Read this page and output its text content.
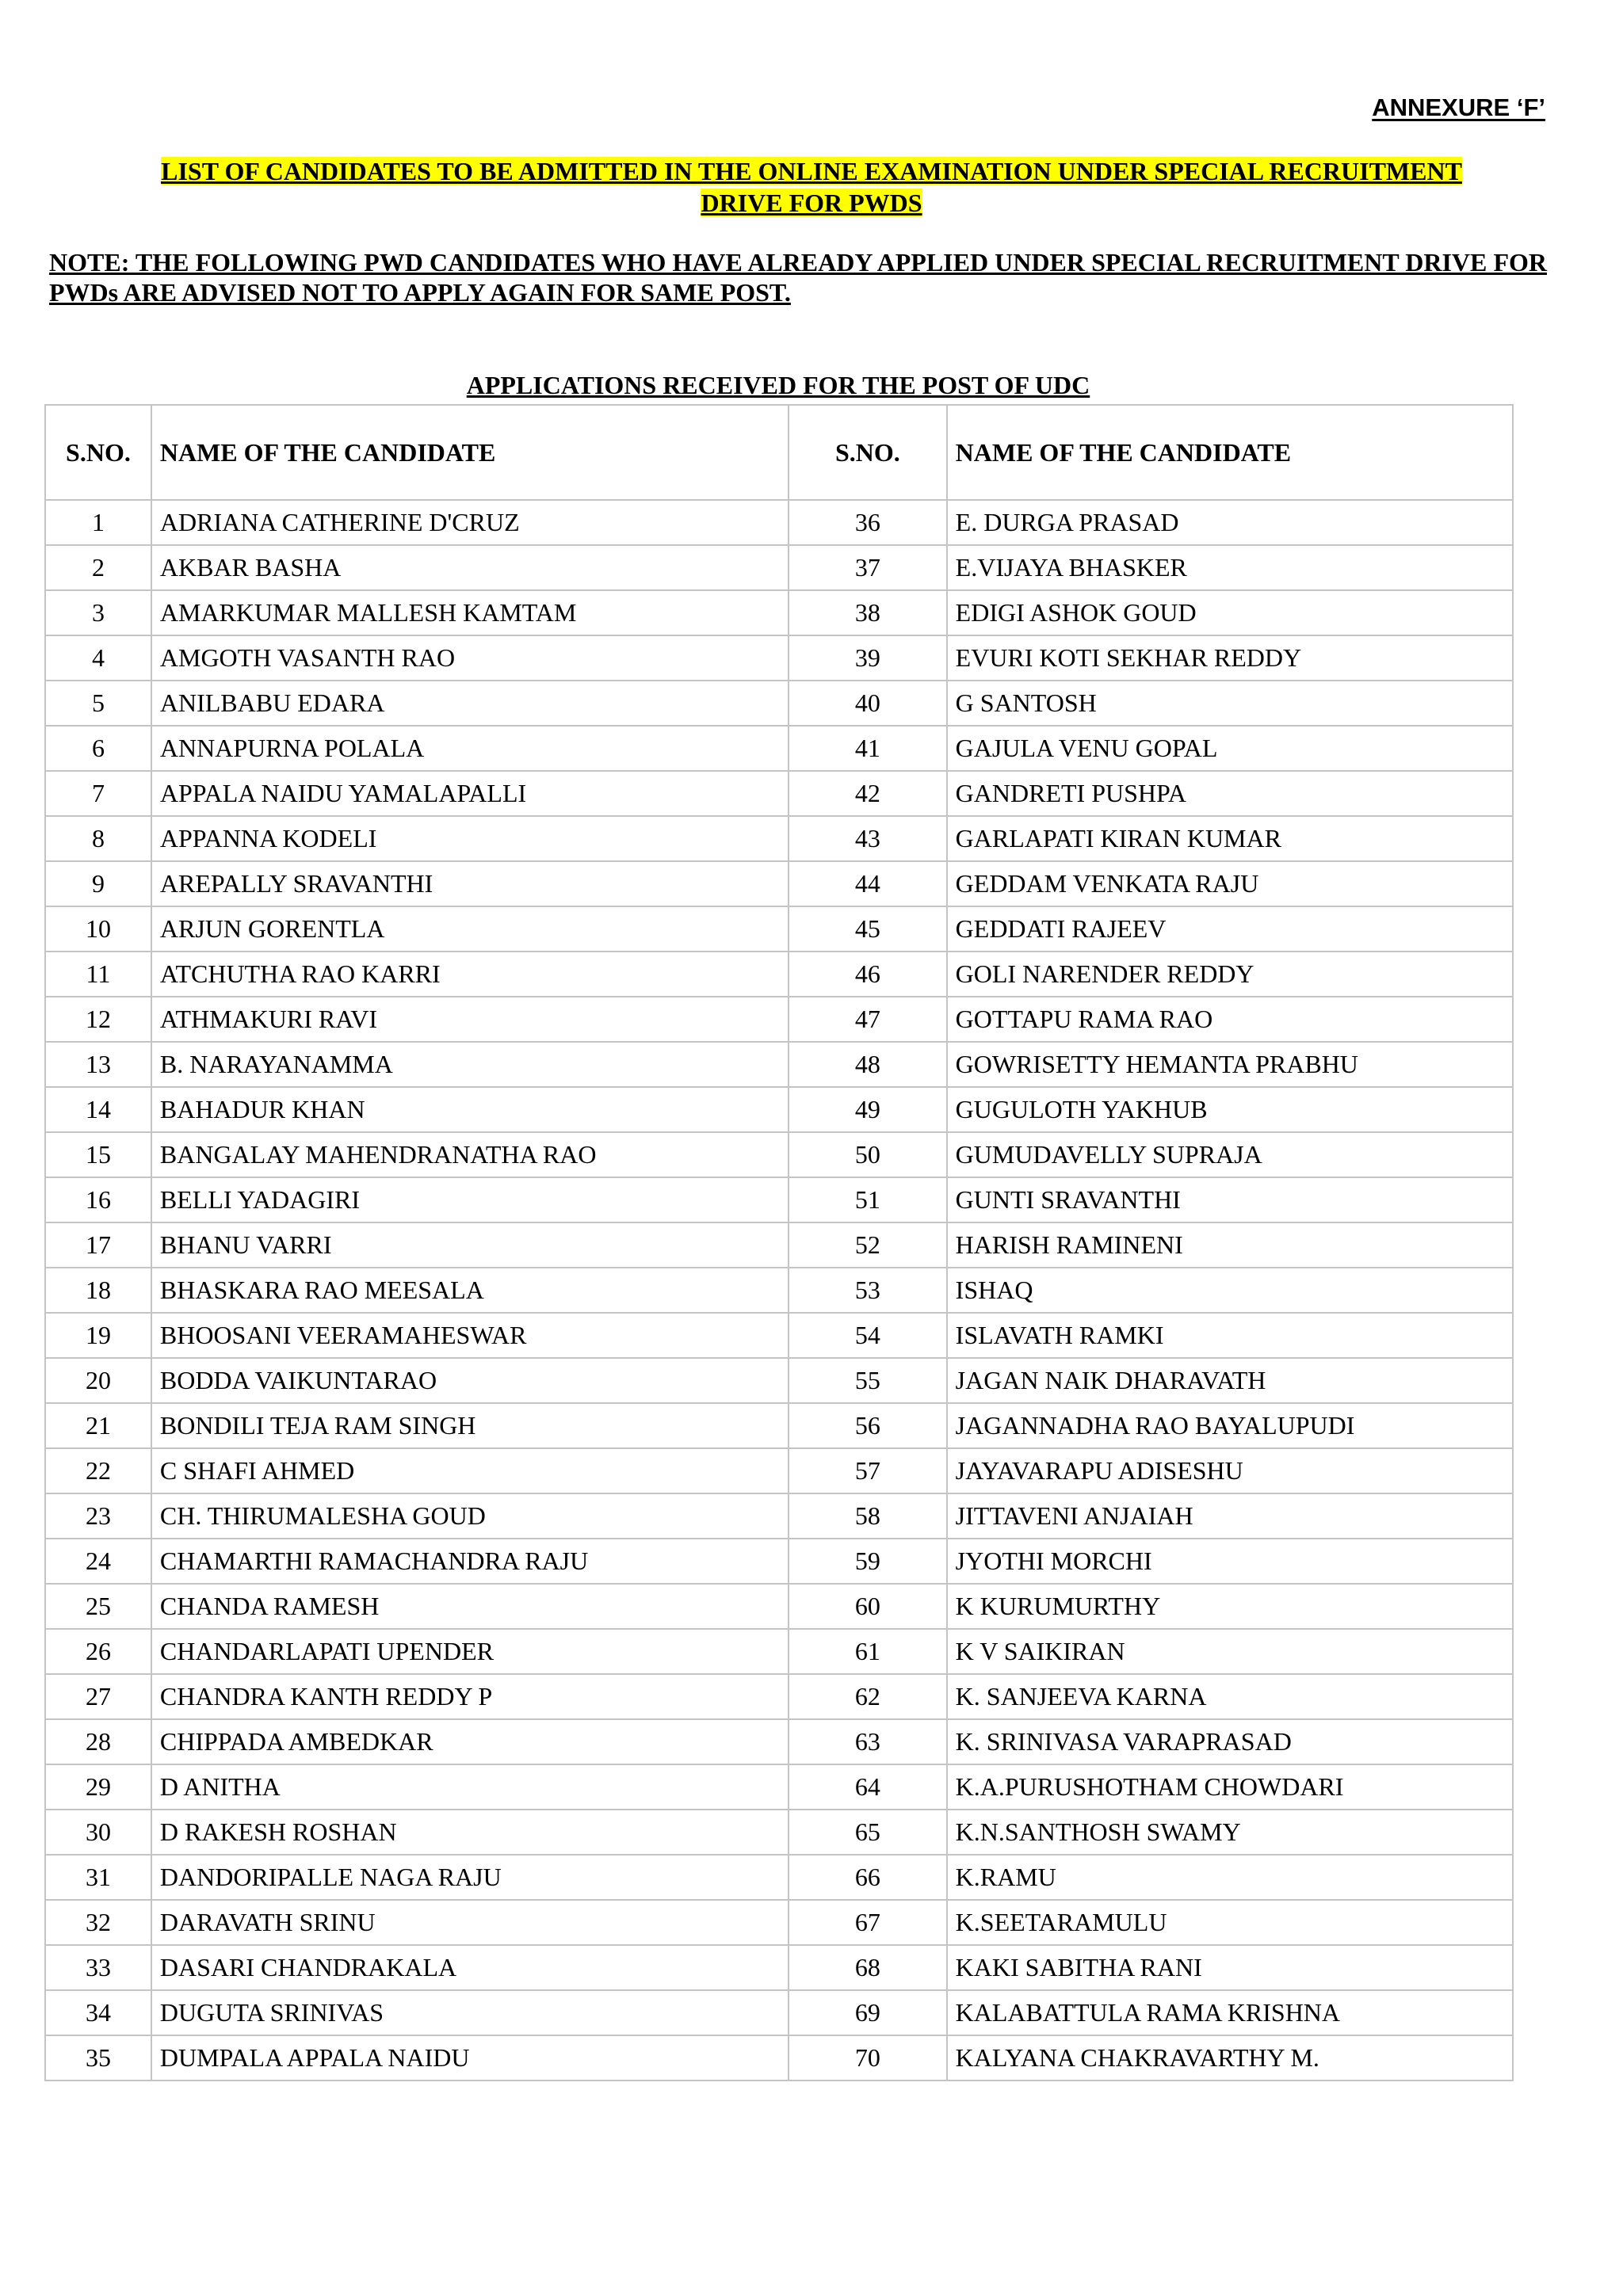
ANNEXURE ‘F’
LIST OF CANDIDATES TO BE ADMITTED IN THE ONLINE EXAMINATION UNDER SPECIAL RECRUITMENT
DRIVE FOR PWDS
NOTE: THE FOLLOWING PWD CANDIDATES WHO HAVE ALREADY APPLIED UNDER SPECIAL RECRUITMENT DRIVE FOR PWDs ARE ADVISED NOT TO APPLY AGAIN FOR SAME POST.
APPLICATIONS RECEIVED FOR THE POST OF UDC
S.NO.	NAME OF THE CANDIDATE	S.NO.	NAME OF THE CANDIDATE
1	ADRIANA CATHERINE D'CRUZ	36	E. DURGA PRASAD
2	AKBAR BASHA	37	E.VIJAYA BHASKER
3	AMARKUMAR MALLESH KAMTAM	38	EDIGI ASHOK GOUD
4	AMGOTH VASANTH RAO	39	EVURI KOTI SEKHAR REDDY
5	ANILBABU EDARA	40	G SANTOSH
6	ANNAPURNA POLALA	41	GAJULA VENU GOPAL
7	APPALA NAIDU YAMALAPALLI	42	GANDRETI PUSHPA
8	APPANNA KODELI	43	GARLAPATI KIRAN KUMAR
9	AREPALLY SRAVANTHI	44	GEDDAM VENKATA RAJU
10	ARJUN GORENTLA	45	GEDDATI RAJEEV
11	ATCHUTHA RAO KARRI	46	GOLI NARENDER REDDY
12	ATHMAKURI RAVI	47	GOTTAPU RAMA RAO
13	B. NARAYANAMMA	48	GOWRISETTY HEMANTA PRABHU
14	BAHADUR KHAN	49	GUGULOTH YAKHUB
15	BANGALAY MAHENDRANATHA RAO	50	GUMUDAVELLY SUPRAJA
16	BELLI YADAGIRI	51	GUNTI SRAVANTHI
17	BHANU VARRI	52	HARISH RAMINENI
18	BHASKARA RAO MEESALA	53	ISHAQ
19	BHOOSANI VEERAMAHESWAR	54	ISLAVATH RAMKI
20	BODDA VAIKUNTARAO	55	JAGAN NAIK DHARAVATH
21	BONDILI TEJA RAM SINGH	56	JAGANNADHA RAO BAYALUPUDI
22	C SHAFI AHMED	57	JAYAVARAPU ADISESHU
23	CH. THIRUMALESHA GOUD	58	JITTAVENI ANJAIAH
24	CHAMARTHI RAMACHANDRA RAJU	59	JYOTHI MORCHI
25	CHANDA RAMESH	60	K KURUMURTHY
26	CHANDARLAPATI UPENDER	61	K V SAIKIRAN
27	CHANDRA KANTH REDDY P	62	K. SANJEEVA KARNA
28	CHIPPADA AMBEDKAR	63	K. SRINIVASA VARAPRASAD
29	D ANITHA	64	K.A.PURUSHOTHAM CHOWDARI
30	D RAKESH ROSHAN	65	K.N.SANTHOSH SWAMY
31	DANDORIPALLE NAGA RAJU	66	K.RAMU
32	DARAVATH SRINU	67	K.SEETARAMULU
33	DASARI CHANDRAKALA	68	KAKI SABITHA RANI
34	DUGUTA SRINIVAS	69	KALABATTULA RAMA KRISHNA
35	DUMPALA APPALA NAIDU	70	KALYANA CHAKRAVARTHY M.
